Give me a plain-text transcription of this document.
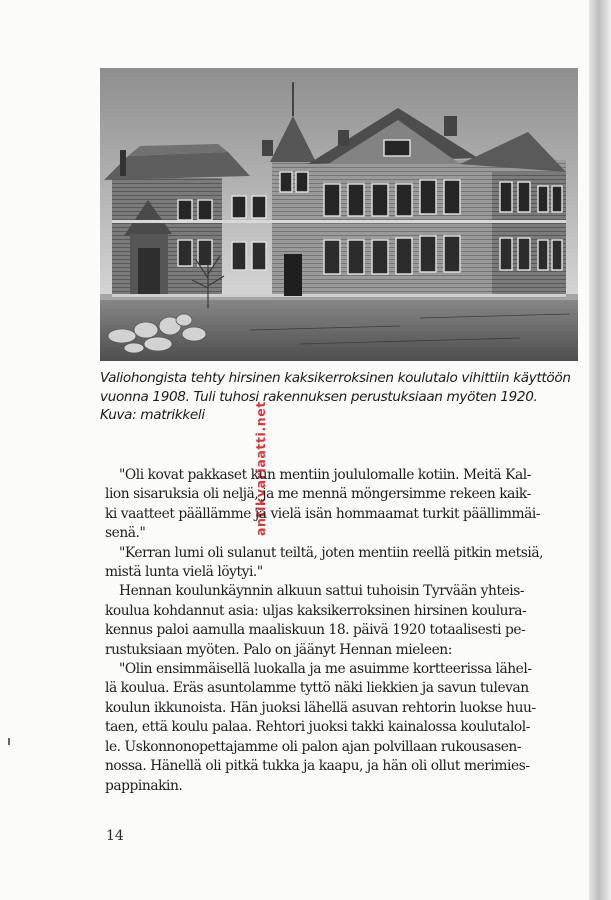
Valiohongista tehty hirsinen kaksikerroksinen koulutalo vihittiin käyttöön
vuonna 1908. Tuli tuhosi rakennuksen perustuksiaan myöten 1920.
Kuva: matrikkeli	antikvariaatti.net
"Oli kovat pakkaset kun mentiin joululomalle kotiin. Meitä Kal-
lion sisaruksia oli neljä, ja me mennä möngersimme rekeen kaik-
ki vaatteet päällämme ja vielä isän hommaamat turkit päällimmäi-
senä."
"Kerran lumi oli sulanut teiltä, joten mentiin reellä pitkin metsiä,
mistä lunta vielä löytyi."
Hennan koulunkäynnin alkuun sattui tuhoisin Tyrvään yhteis-
koulua kohdannut asia: uljas kaksikerroksinen hirsinen koulura-
kennus paloi aamulla maaliskuun 18. päivä 1920 totaalisesti pe-
rustuksiaan myöten. Palo on jäänyt Hennan mieleen:
"Olin ensimmäisellä luokalla ja me asuimme kortteerissa lähel-
lä koulua. Eräs asuntolamme tyttö näki liekkien ja savun tulevan
koulun ikkunoista. Hän juoksi lähellä asuvan rehtorin luokse huu-
taen, että koulu palaa. Rehtori juoksi takki kainalossa koulutalol-
le. Uskonnonopettajamme oli palon ajan polvillaan rukousasen-
nossa. Hänellä oli pitkä tukka ja kaapu, ja hän oli ollut merimies-
pappinakin.
14
